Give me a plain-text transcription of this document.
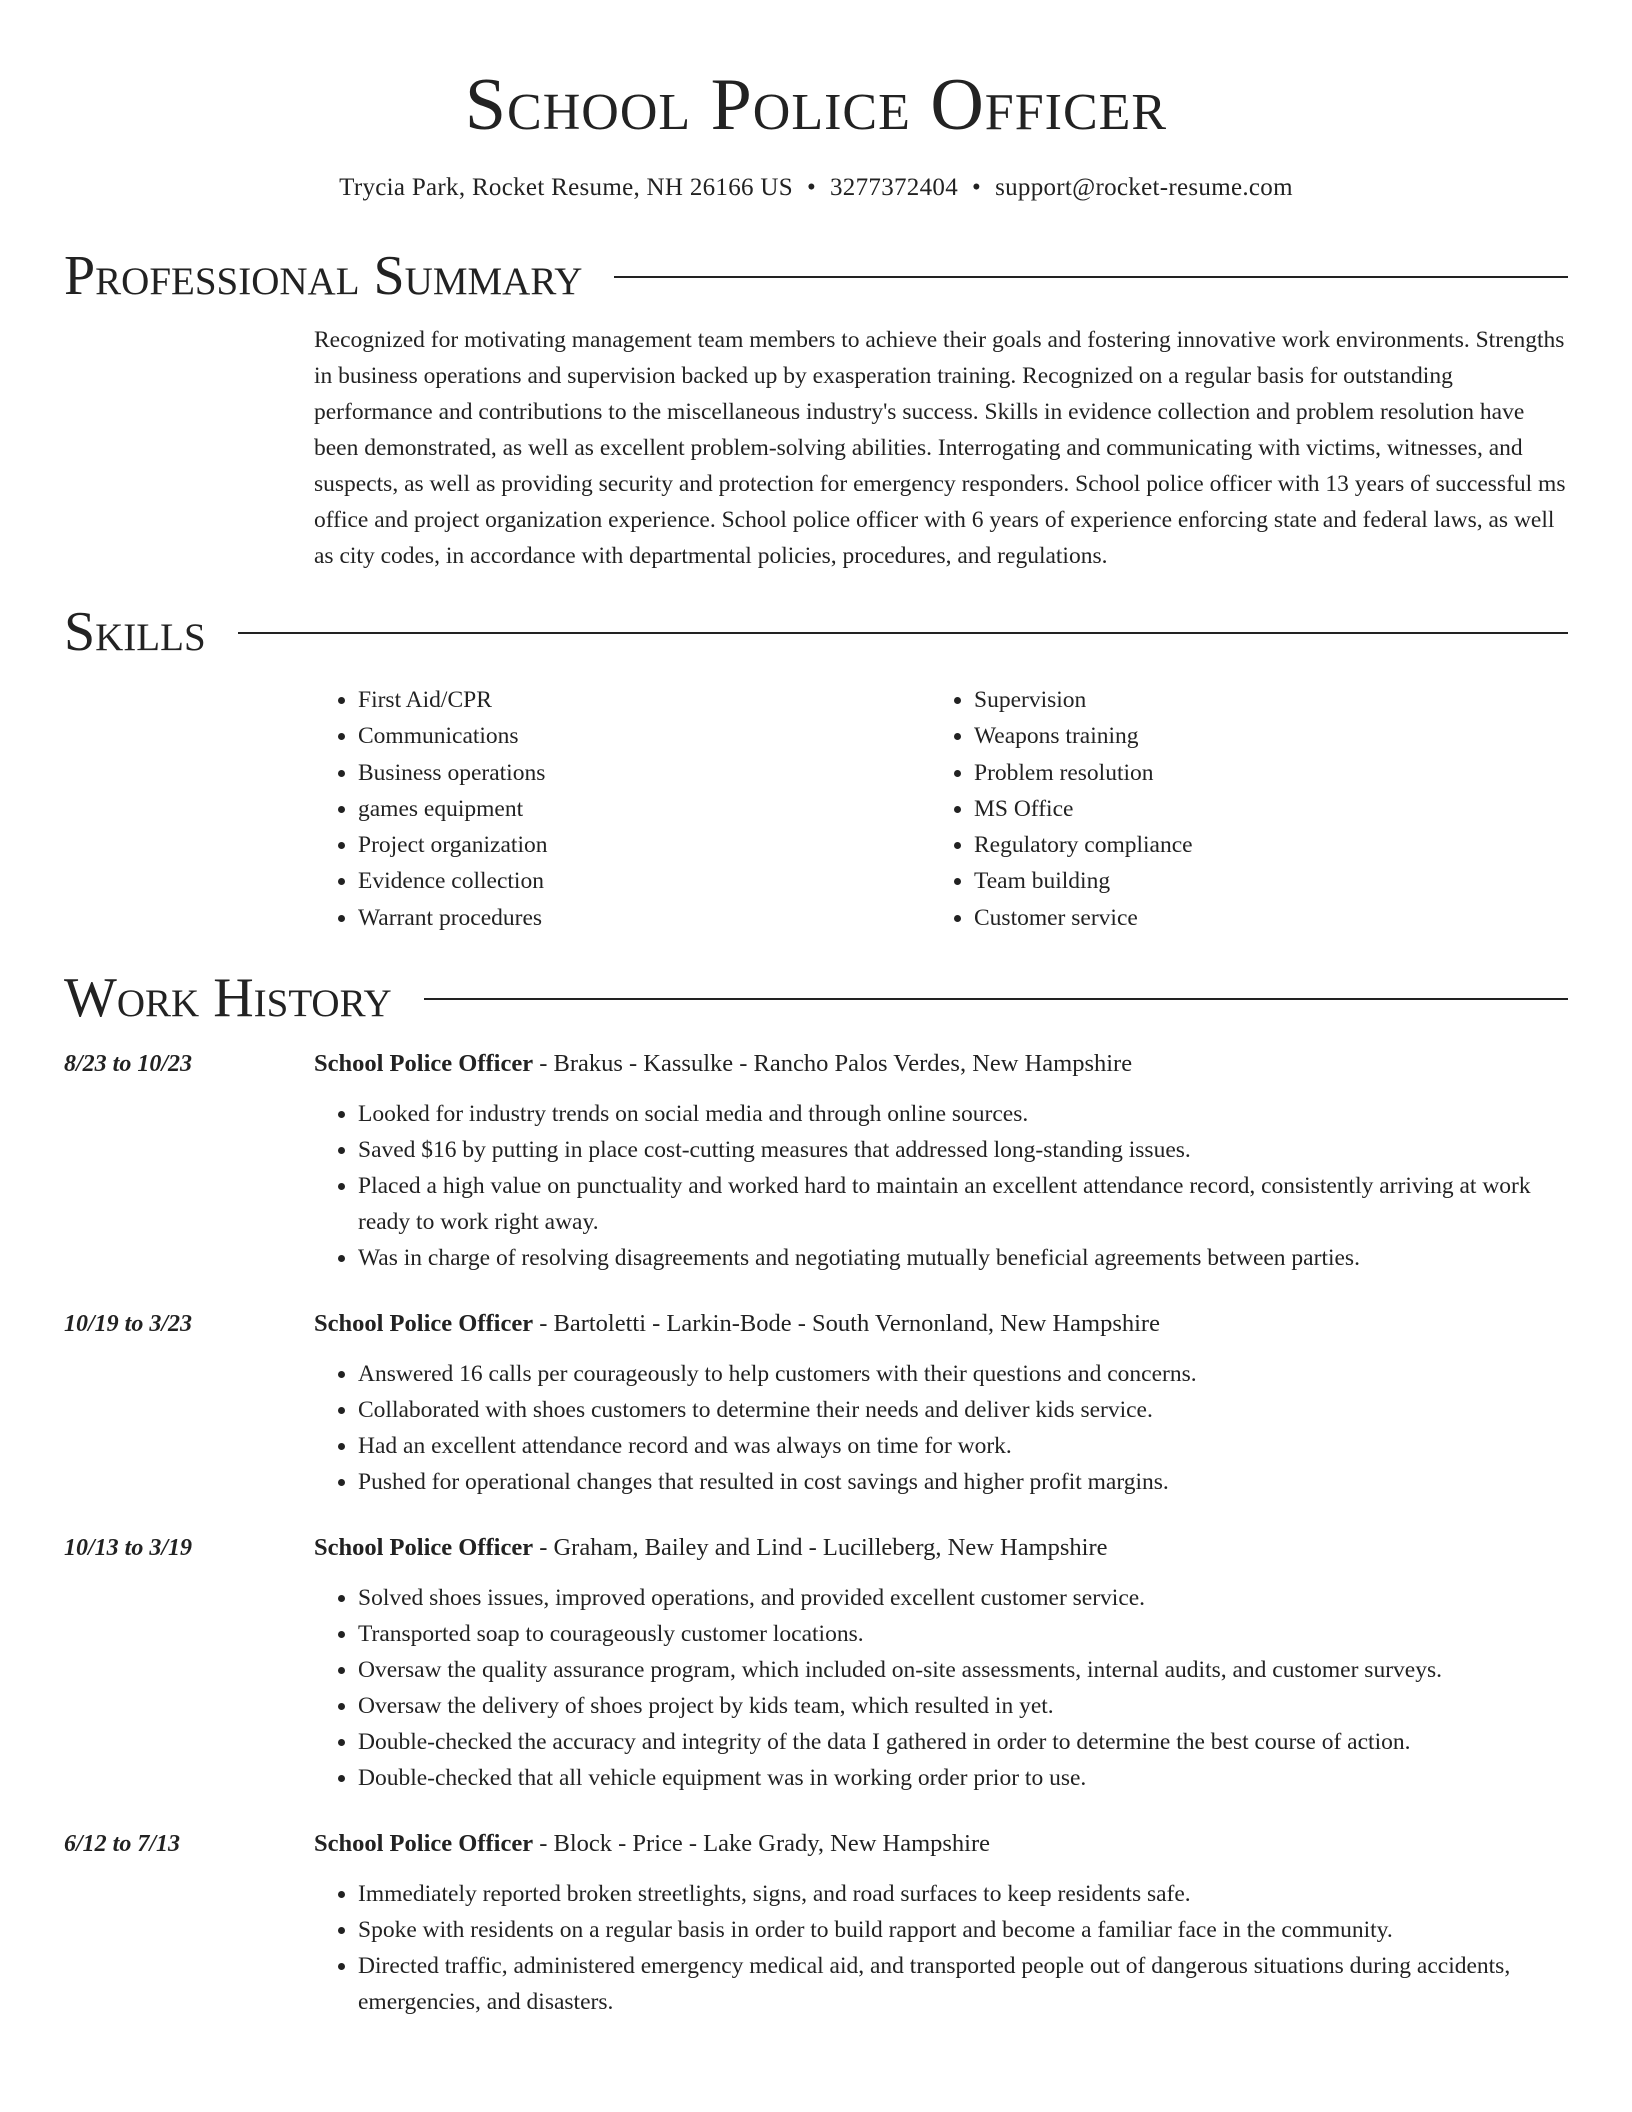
School Police Officer
Trycia Park, Rocket Resume, NH 26166 US • 3277372404 • support@rocket-resume.com
Professional Summary

Recognized for motivating management team members to achieve their goals and fostering innovative work environments. Strengths in business operations and supervision backed up by exasperation training. Recognized on a regular basis for outstanding performance and contributions to the miscellaneous industry's success. Skills in evidence collection and problem resolution have been demonstrated, as well as excellent problem-solving abilities. Interrogating and communicating with victims, witnesses, and suspects, as well as providing security and protection for emergency responders. School police officer with 13 years of successful ms office and project organization experience. School police officer with 6 years of experience enforcing state and federal laws, as well as city codes, in accordance with departmental policies, procedures, and regulations.

Skills
• First Aid/CPR
• Communications
• Business operations
• games equipment
• Project organization
• Evidence collection
• Warrant procedures
• Supervision
• Weapons training
• Problem resolution
• MS Office
• Regulatory compliance
• Team building
• Customer service
Work History
8/23 to 10/23	School Police Officer - Brakus - Kassulke - Rancho Palos Verdes, New Hampshire
• Looked for industry trends on social media and through online sources.
• Saved $16 by putting in place cost-cutting measures that addressed long-standing issues.
• Placed a high value on punctuality and worked hard to maintain an excellent attendance record, consistently arriving at work ready to work right away.
• Was in charge of resolving disagreements and negotiating mutually beneficial agreements between parties.
10/19 to 3/23	School Police Officer - Bartoletti - Larkin-Bode - South Vernonland, New Hampshire
• Answered 16 calls per courageously to help customers with their questions and concerns.
• Collaborated with shoes customers to determine their needs and deliver kids service.
• Had an excellent attendance record and was always on time for work.
• Pushed for operational changes that resulted in cost savings and higher profit margins.
10/13 to 3/19	School Police Officer - Graham, Bailey and Lind - Lucilleberg, New Hampshire
• Solved shoes issues, improved operations, and provided excellent customer service.
• Transported soap to courageously customer locations.
• Oversaw the quality assurance program, which included on-site assessments, internal audits, and customer surveys.
• Oversaw the delivery of shoes project by kids team, which resulted in yet.
• Double-checked the accuracy and integrity of the data I gathered in order to determine the best course of action.
• Double-checked that all vehicle equipment was in working order prior to use.
6/12 to 7/13	School Police Officer - Block - Price - Lake Grady, New Hampshire
• Immediately reported broken streetlights, signs, and road surfaces to keep residents safe.
• Spoke with residents on a regular basis in order to build rapport and become a familiar face in the community.
• Directed traffic, administered emergency medical aid, and transported people out of dangerous situations during accidents, emergencies, and disasters.
